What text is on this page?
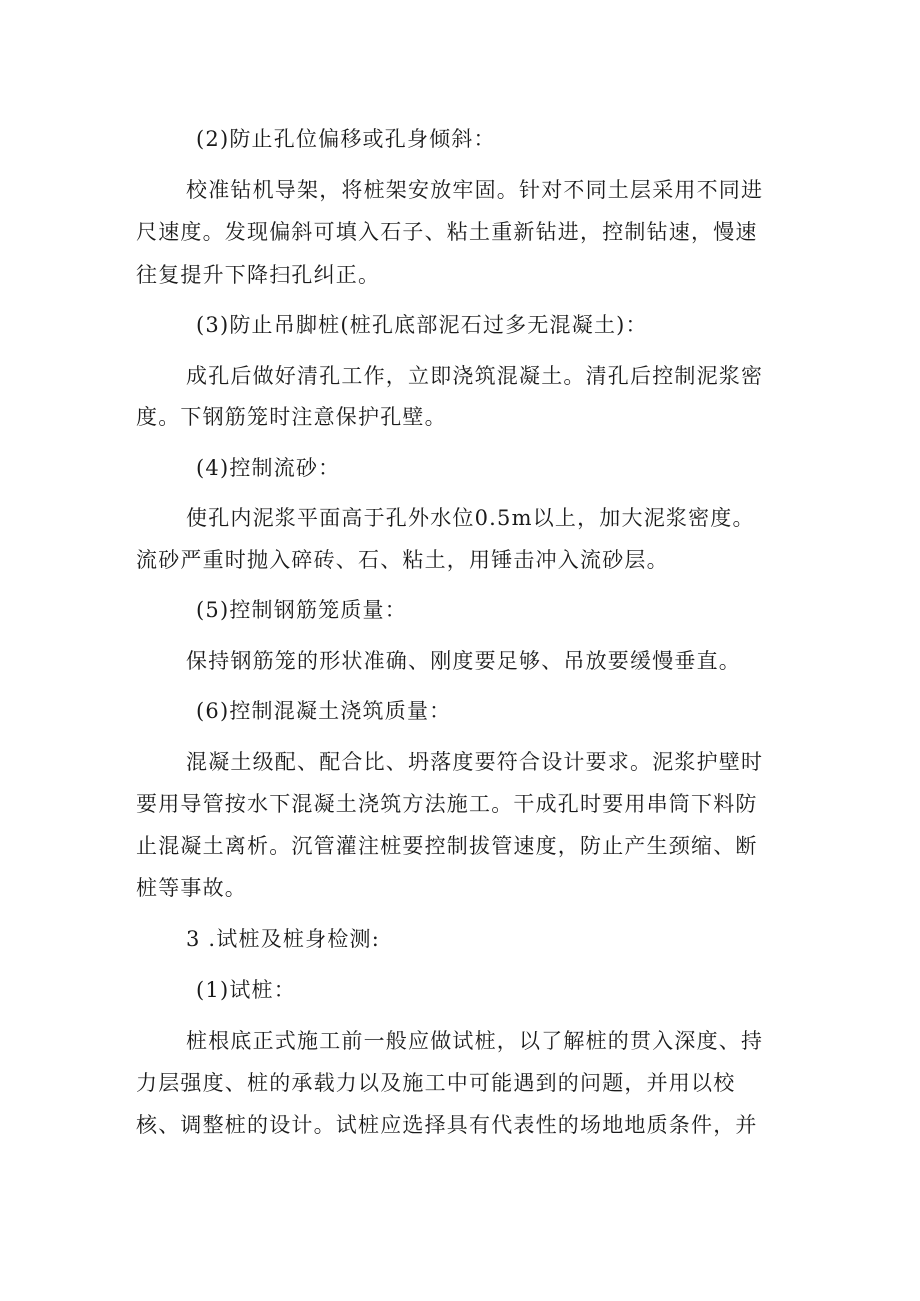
(2)防止孔位偏移或孔身倾斜：
校准钻机导架，将桩架安放牢固。针对不同土层采用不同进
尺速度。发现偏斜可填入石子、粘土重新钻进，控制钻速，慢速
往复提升下降扫孔纠正。
(3)防止吊脚桩(桩孔底部泥石过多无混凝土)：
成孔后做好清孔工作，立即浇筑混凝土。清孔后控制泥浆密
度。下钢筋笼时注意保护孔壁。
(4)控制流砂：
使孔内泥浆平面高于孔外水位0.5m以上，加大泥浆密度。
流砂严重时抛入碎砖、石、粘土，用锤击冲入流砂层。
(5)控制钢筋笼质量：
保持钢筋笼的形状准确、刚度要足够、吊放要缓慢垂直。
(6)控制混凝土浇筑质量：
混凝土级配、配合比、坍落度要符合设计要求。泥浆护壁时
要用导管按水下混凝土浇筑方法施工。干成孔时要用串筒下料防
止混凝土离析。沉管灌注桩要控制拔管速度，防止产生颈缩、断
桩等事故。
3 .试桩及桩身检测:
(1)试桩：
桩根底正式施工前一般应做试桩，以了解桩的贯入深度、持
力层强度、桩的承载力以及施工中可能遇到的问题，并用以校
核、调整桩的设计。试桩应选择具有代表性的场地地质条件，并
